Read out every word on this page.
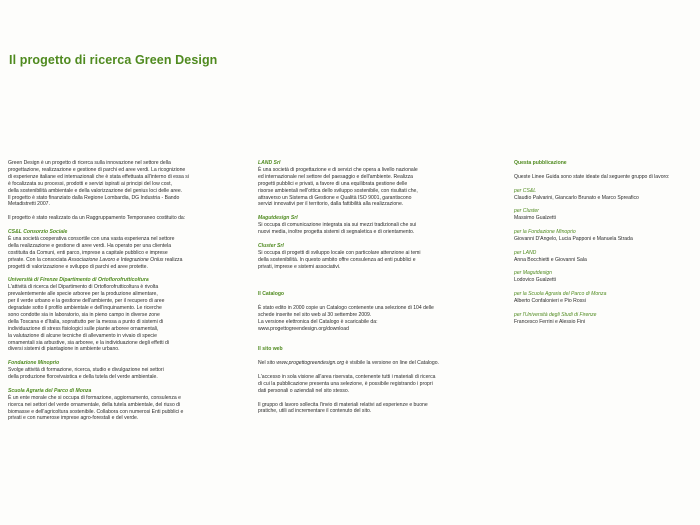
Il progetto di ricerca Green Design

Green Design è un progetto di ricerca sulla innovazione nel settore della

progettazione, realizzazione e gestione di parchi ed aree verdi. La ricognizione

di esperienze italiane ed internazionali che è stata effettuata all'interno di essa si

è focalizzata su processi, prodotti e servizi ispirati ai principi del low cost,

della sostenibilità ambientale e della valorizzazione del genius loci delle aree.

Il progetto è stato finanziato dalla Regione Lombardia, DG Industria - Bando

Metadistretti 2007.

Il progetto è stato realizzato da un Raggruppamento Temporaneo costituito da:

CS&L Consorzio Sociale

È una società cooperativa consortile con una vasta esperienza nel settore

della realizzazione e gestione di aree verdi. Ha operato per una clientela

costituita da Comuni, enti parco, imprese a capitale pubblico e imprese

private. Con la consociata Associazione Lavoro e Integrazione Onlus realizza

progetti di valorizzazione e sviluppo di parchi ed aree protette.

Università di Firenze Dipartimento di Ortoflorofrutticoltura

L'attività di ricerca del Dipartimento di Ortoflorofrutticoltura è rivolta

prevalentemente alle specie arboree per la produzione alimentare,

per il verde urbano e la gestione dell'ambiente, per il recupero di aree

degradate sotto il profilo ambientale e dell'inquinamento. Le ricerche

sono condotte sia in laboratorio, sia in pieno campo in diverse zone

della Toscana e d'Italia, soprattutto per la messa a punto di sistemi di

individuazione di stress fisiologici sulle piante arboree ornamentali,

la valutazione di alcune tecniche di allevamento in vivaio di specie

ornamentali sia arbustive, sia arboree, e la individuazione degli effetti di

diversi sistemi di piantagione in ambiente urbano.

Fondazione Minoprio

Svolge attività di formazione, ricerca, studio e divulgazione nei settori

della produzione florovivaistica e della tutela del verde ambientale.

Scuola Agraria del Parco di Monza

È un ente morale che si occupa di formazione, aggiornamento, consulenza e

ricerca nei settori del verde ornamentale, della tutela ambientale, del riuso di

biomasse e dell'agricoltura sostenibile. Collabora con numerosi Enti pubblici e

privati e con numerose imprese agro-forestali e del verde.

LAND Srl

È una società di progettazione e di servizi che opera a livello nazionale

ed internazionale nel settore del paesaggio e dell'ambiente. Realizza

progetti pubblici e privati, a favore di una equilibrata gestione delle

risorse ambientali nell'ottica dello sviluppo sostenibile, con risultati che,

attraverso un Sistema di Gestione e Qualità ISO 9001, garantiscono

servizi innovativi per il territorio, dalla fattibilità alla realizzazione.

Magutdesign Srl

Si occupa di comunicazione integrata sia sui mezzi tradizionali che sui

nuovi media, inoltre progetta sistemi di segnaletica e di orientamento.

Cluster Srl

Si occupa di progetti di sviluppo locale con particolare attenzione ai temi

della sostenibilità. In questo ambito offre consulenza ad enti pubblici e

privati, imprese e sistemi associativi.

Il Catalogo

È stato edito in 2000 copie un Catalogo contenente una selezione di 104 delle

schede inserite nel sito web al 30 settembre 2009.

La versione elettronica del Catalogo è scaricabile da:

www.progettogreendesign.org/download

Il sito web

Nel sito www.progettogreendesign.org è visibile la versione on line del Catalogo.

L'accesso in sola visione all'area riservata, contenente tutti i materiali di ricerca

di cui la pubblicazione presenta una selezione, è possibile registrando i propri

dati personali o aziendali nel sito stesso.

Il gruppo di lavoro sollecita l'invio di materiali relativi ad esperienze e buone

pratiche, utili ad incrementare il contenuto del sito.

Questa pubblicazione

Queste Linee Guida sono state ideate dal seguente gruppo di lavoro:

per CS&L

Claudio Palvarini, Giancarlo Brunato e Marco Spreafico

per Cluster

Massimo Gualzetti

per la Fondazione Minoprio

Giovanni D'Angelo, Lucia Papponi e Manuela Strada

per LAND

Anna Bocchietti e Giovanni Sala

per Magutdesign

Lodovico Gualzetti

per la Scuola Agraria del Parco di Monza

Alberto Confalonieri e Pio Rossi

per l'Università degli Studi di Firenze

Francesco Ferrini e Alessio Fini
